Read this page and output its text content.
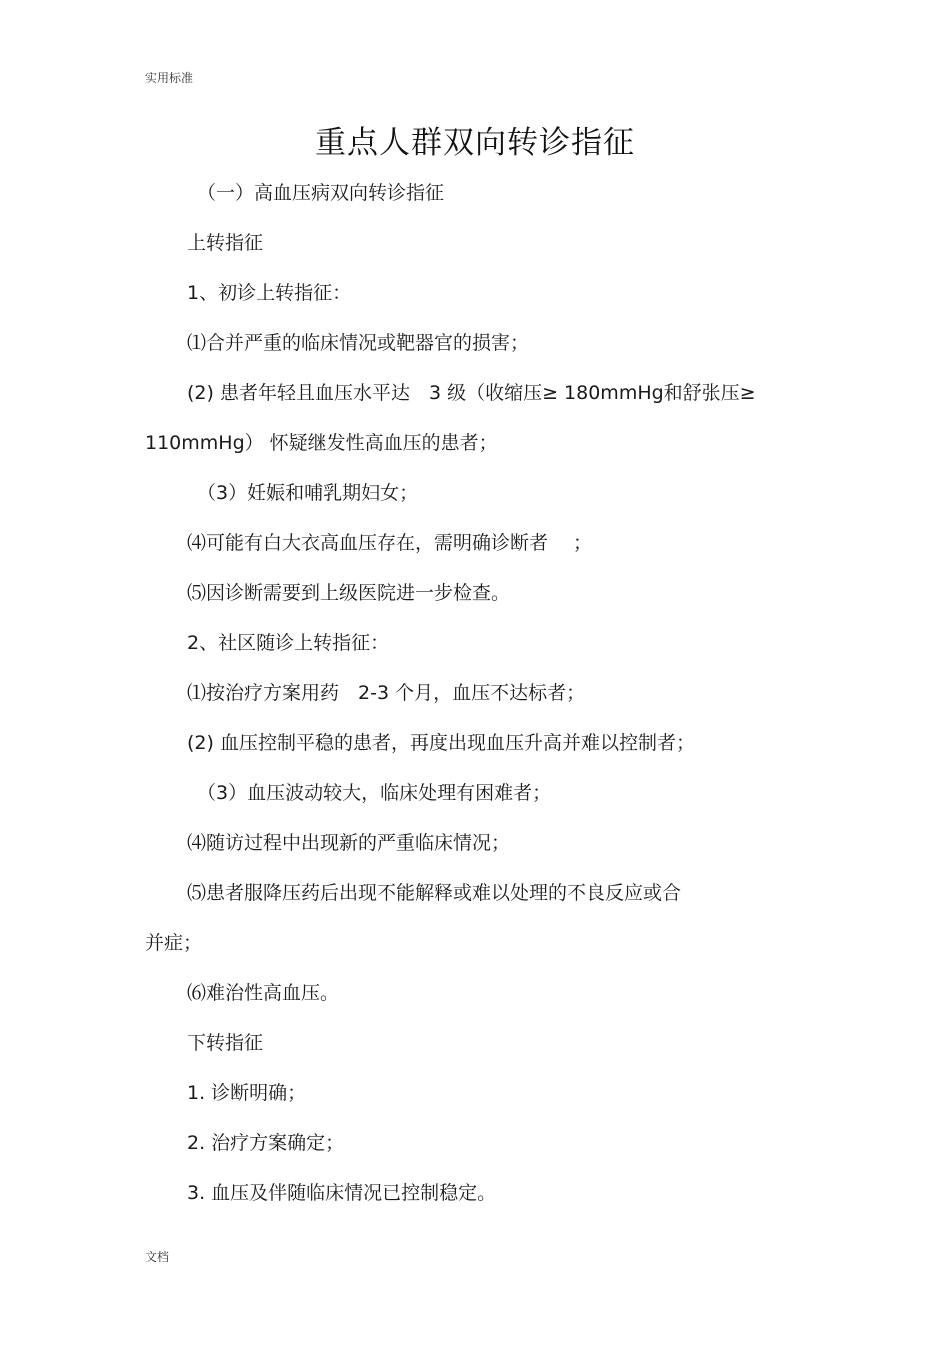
实用标准
重点人群双向转诊指征
（一）高血压病双向转诊指征
上转指征
1、初诊上转指征：
⑴合并严重的临床情况或靶器官的损害；
(2) 患者年轻且血压水平达　3 级（收缩压≥ 180mmHg和舒张压≥
110mmHg） 怀疑继发性高血压的患者；
（3）妊娠和哺乳期妇女；
⑷可能有白大衣高血压存在，需明确诊断者　 ；
⑸因诊断需要到上级医院进一步检查。
2、社区随诊上转指征：
⑴按治疗方案用药　2-3 个月，血压不达标者；
(2) 血压控制平稳的患者，再度出现血压升高并难以控制者；
（3）血压波动较大，临床处理有困难者；
⑷随访过程中出现新的严重临床情况；
⑸患者服降压药后出现不能解释或难以处理的不良反应或合
并症；
⑹难治性高血压。
下转指征
1. 诊断明确；
2. 治疗方案确定；
3. 血压及伴随临床情况已控制稳定。
文档
